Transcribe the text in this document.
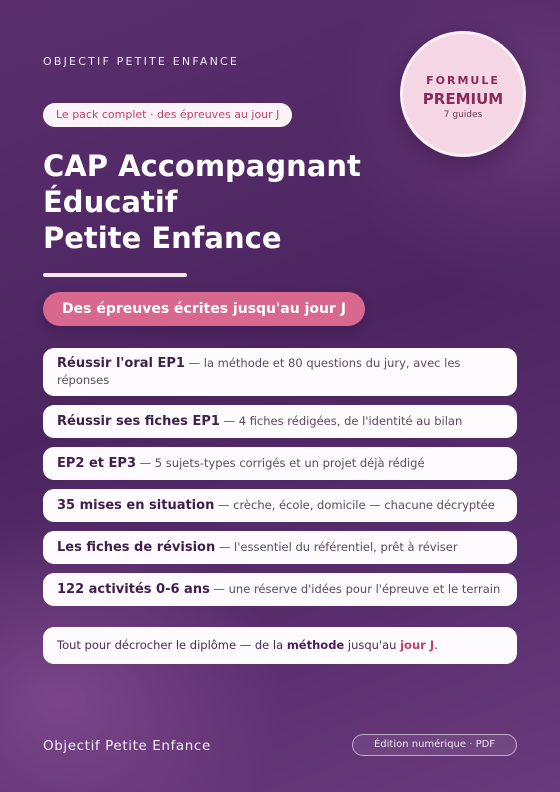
OBJECTIF PETITE ENFANCE
Le pack complet · des épreuves au jour J
FORMULE
PREMIUM
7 guides
CAP Accompagnant
Éducatif
Petite Enfance
Des épreuves écrites jusqu'au jour J
Réussir l'oral EP1 — la méthode et 80 questions du jury, avec les réponses
Réussir ses fiches EP1 — 4 fiches rédigées, de l'identité au bilan
EP2 et EP3 — 5 sujets-types corrigés et un projet déjà rédigé
35 mises en situation — crèche, école, domicile — chacune décryptée
Les fiches de révision — l'essentiel du référentiel, prêt à réviser
122 activités 0-6 ans — une réserve d'idées pour l'épreuve et le terrain
Tout pour décrocher le diplôme — de la méthode jusqu'au jour J.
Objectif Petite Enfance	Édition numérique · PDF
